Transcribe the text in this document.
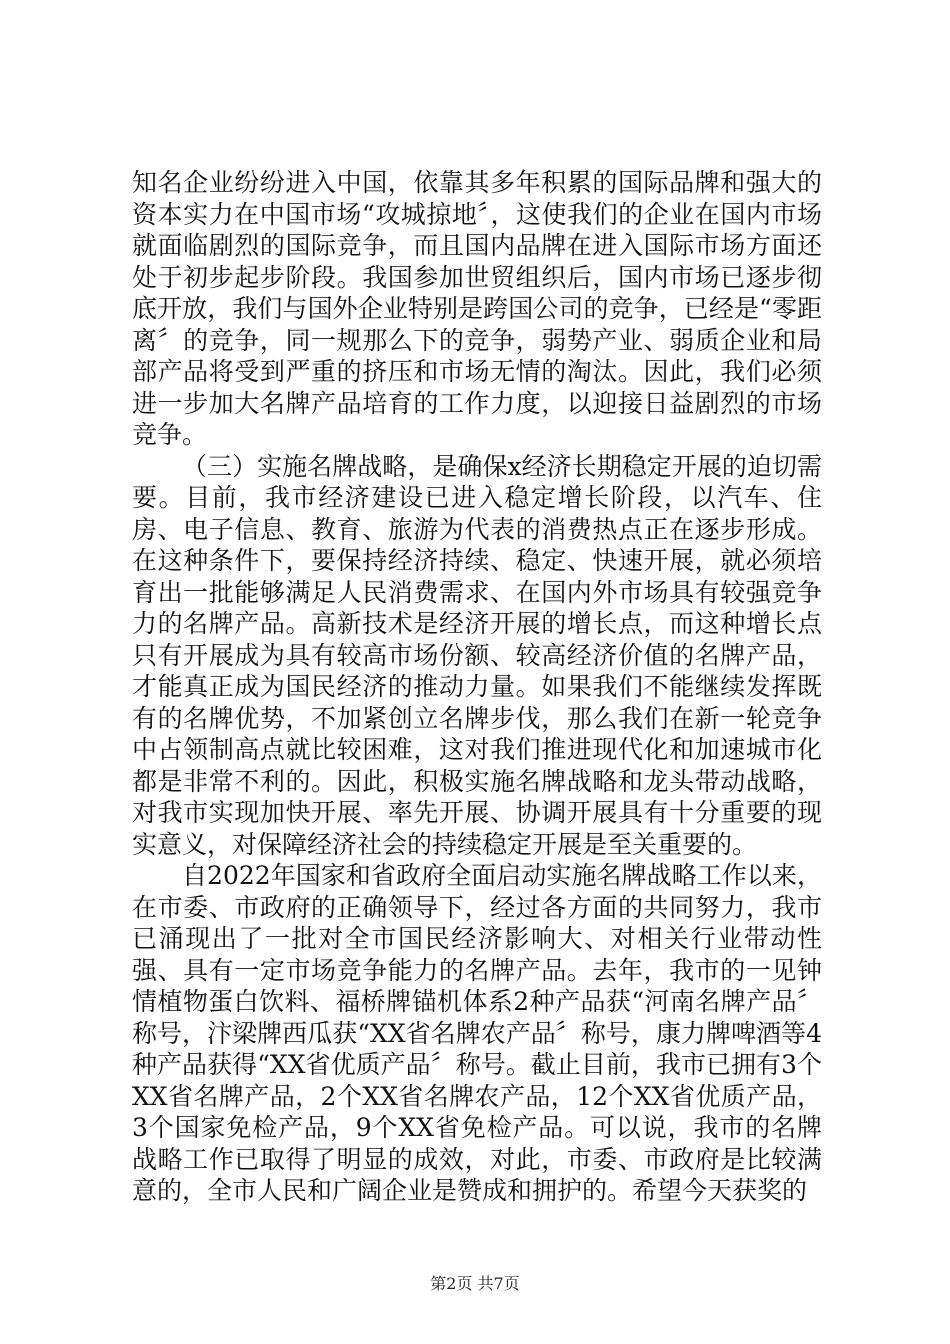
知名企业纷纷进入中国，依靠其多年积累的国际品牌和强大的资本实力在中国市场“攻城掠地〞，这使我们的企业在国内市场就面临剧烈的国际竞争，而且国内品牌在进入国际市场方面还处于初步起步阶段。我国参加世贸组织后，国内市场已逐步彻底开放，我们与国外企业特别是跨国公司的竞争，已经是“零距离〞的竞争，同一规那么下的竞争，弱势产业、弱质企业和局部产品将受到严重的挤压和市场无情的淘汰。因此，我们必须进一步加大名牌产品培育的工作力度，以迎接日益剧烈的市场竞争。

（三）实施名牌战略，是确保x经济长期稳定开展的迫切需要。目前，我市经济建设已进入稳定增长阶段，以汽车、住房、电子信息、教育、旅游为代表的消费热点正在逐步形成。在这种条件下，要保持经济持续、稳定、快速开展，就必须培育出一批能够满足人民消费需求、在国内外市场具有较强竞争力的名牌产品。高新技术是经济开展的增长点，而这种增长点只有开展成为具有较高市场份额、较高经济价值的名牌产品，才能真正成为国民经济的推动力量。如果我们不能继续发挥既有的名牌优势，不加紧创立名牌步伐，那么我们在新一轮竞争中占领制高点就比较困难，这对我们推进现代化和加速城市化都是非常不利的。因此，积极实施名牌战略和龙头带动战略，对我市实现加快开展、率先开展、协调开展具有十分重要的现实意义，对保障经济社会的持续稳定开展是至关重要的。

自2022年国家和省政府全面启动实施名牌战略工作以来，在市委、市政府的正确领导下，经过各方面的共同努力，我市已涌现出了一批对全市国民经济影响大、对相关行业带动性强、具有一定市场竞争能力的名牌产品。去年，我市的一见钟情植物蛋白饮料、福桥牌锚机体系2种产品获“河南名牌产品〞称号，汴梁牌西瓜获“XX省名牌农产品〞称号，康力牌啤酒等4种产品获得“XX省优质产品〞称号。截止目前，我市已拥有3个XX省名牌产品，2个XX省名牌农产品，12个XX省优质产品，3个国家免检产品，9个XX省免检产品。可以说，我市的名牌战略工作已取得了明显的成效，对此，市委、市政府是比较满意的，全市人民和广阔企业是赞成和拥护的。希望今天获奖的

第2页 共7页
